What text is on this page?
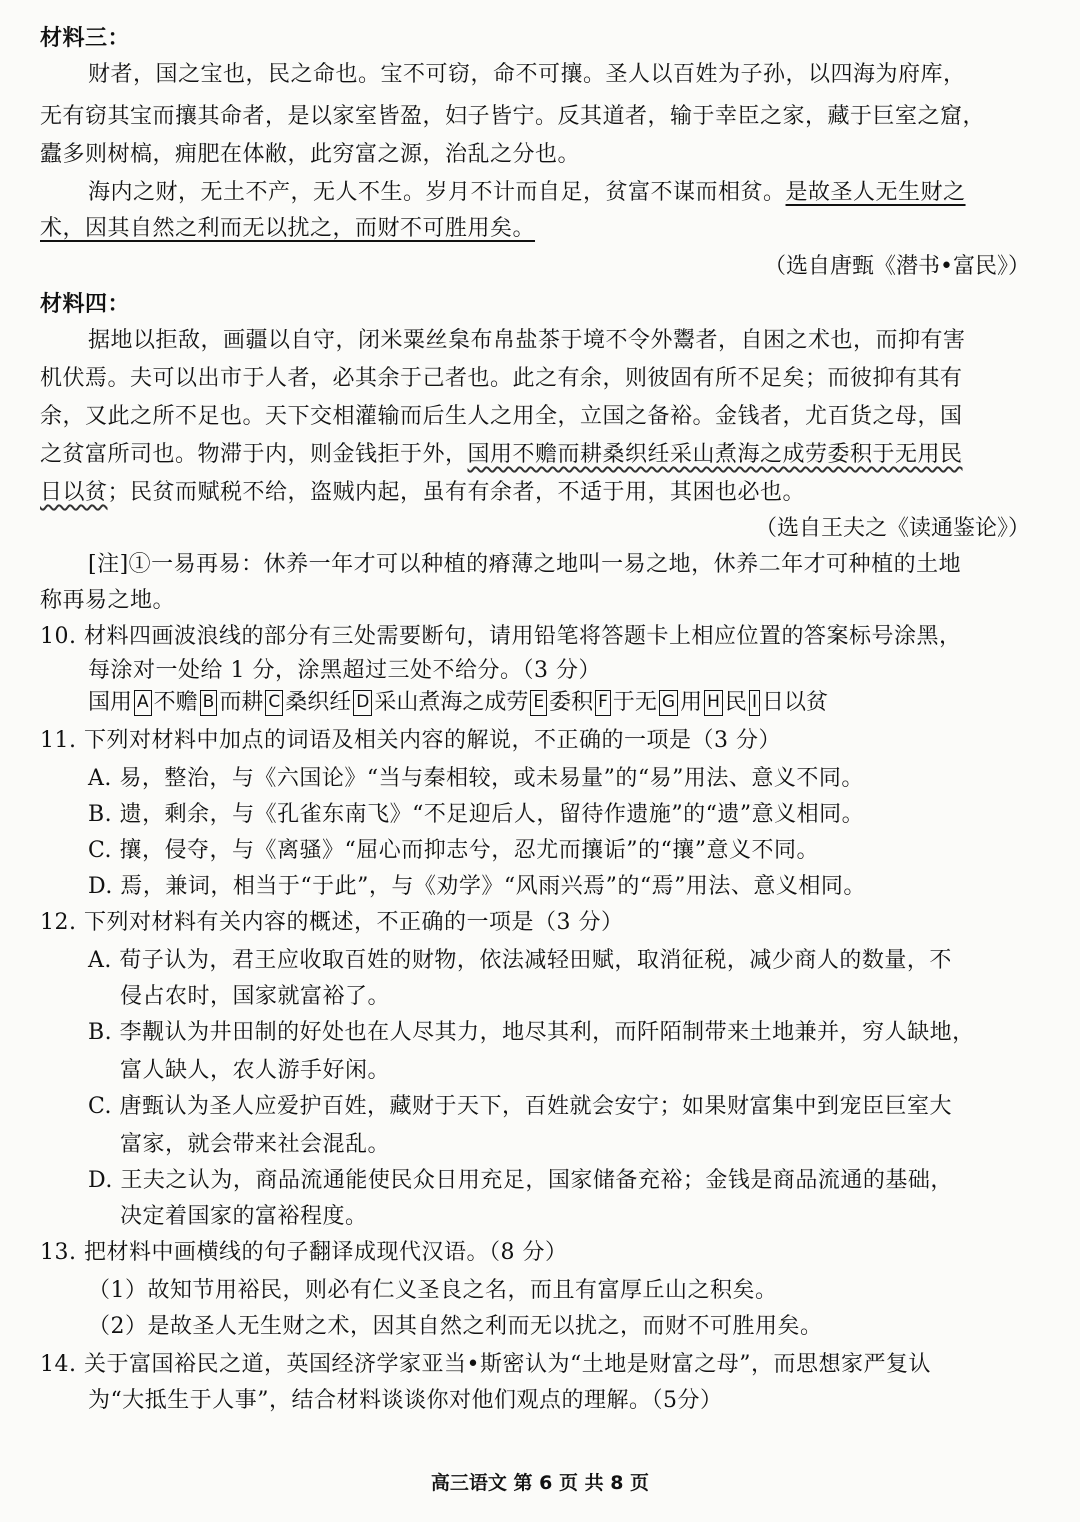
材料三：
财者，国之宝也，民之命也。宝不可窃，命不可攘。圣人以百姓为子孙，以四海为府库，
无有窃其宝而攘其命者，是以家室皆盈，妇子皆宁。反其道者，输于幸臣之家，藏于巨室之窟，
蠹多则树槁，痈肥在体敝，此穷富之源，治乱之分也。
海内之财，无土不产，无人不生。岁月不计而自足，贫富不谋而相贫。是故圣人无生财之
术，因其自然之利而无以扰之，而财不可胜用矣。
（选自唐甄《潜书•富民》）
材料四：
据地以拒敌，画疆以自守，闭米粟丝枲布帛盐茶于境不令外鬻者，自困之术也，而抑有害
机伏焉。夫可以出市于人者，必其余于己者也。此之有余，则彼固有所不足矣；而彼抑有其有
余，又此之所不足也。天下交相灌输而后生人之用全，立国之备裕。金钱者，尤百货之母，国
之贫富所司也。物滞于内，则金钱拒于外，国用不赡而耕桑织纴采山煮海之成劳委积于无用民
日以贫；民贫而赋税不给，盗贼内起，虽有有余者，不适于用，其困也必也。
（选自王夫之《读通鉴论》）
[注]①一易再易：休养一年才可以种植的瘠薄之地叫一易之地，休养二年才可种植的土地
称再易之地。
10. 材料四画波浪线的部分有三处需要断句，请用铅笔将答题卡上相应位置的答案标号涂黑，
每涂对一处给 1 分，涂黑超过三处不给分。（3 分）
国用 A 不赡 B 而耕 C 桑织纴 D 采山煮海之成劳 E 委积 F 于无 G 用 H 民 I 日以贫
11. 下列对材料中加点的词语及相关内容的解说，不正确的一项是（3 分）
A. 易，整治，与《六国论》“当与秦相较，或未易量”的“易”用法、意义不同。
B. 遗，剩余，与《孔雀东南飞》“不足迎后人，留待作遗施”的“遗”意义相同。
C. 攘，侵夺，与《离骚》“屈心而抑志兮，忍尤而攘诟”的“攘”意义不同。
D. 焉，兼词，相当于“于此”，与《劝学》“风雨兴焉”的“焉”用法、意义相同。
12. 下列对材料有关内容的概述，不正确的一项是（3 分）
A. 荀子认为，君王应收取百姓的财物，依法减轻田赋，取消征税，减少商人的数量，不
侵占农时，国家就富裕了。
B. 李觏认为井田制的好处也在人尽其力，地尽其利，而阡陌制带来土地兼并，穷人缺地，
富人缺人，农人游手好闲。
C. 唐甄认为圣人应爱护百姓，藏财于天下，百姓就会安宁；如果财富集中到宠臣巨室大
富家，就会带来社会混乱。
D. 王夫之认为，商品流通能使民众日用充足，国家储备充裕；金钱是商品流通的基础，
决定着国家的富裕程度。
13. 把材料中画横线的句子翻译成现代汉语。（8 分）
（1）故知节用裕民，则必有仁义圣良之名，而且有富厚丘山之积矣。
（2）是故圣人无生财之术，因其自然之利而无以扰之，而财不可胜用矣。
14. 关于富国裕民之道，英国经济学家亚当•斯密认为“土地是财富之母”，而思想家严复认
为“大抵生于人事”，结合材料谈谈你对他们观点的理解。（5分）
高三语文 第 6 页 共 8 页
